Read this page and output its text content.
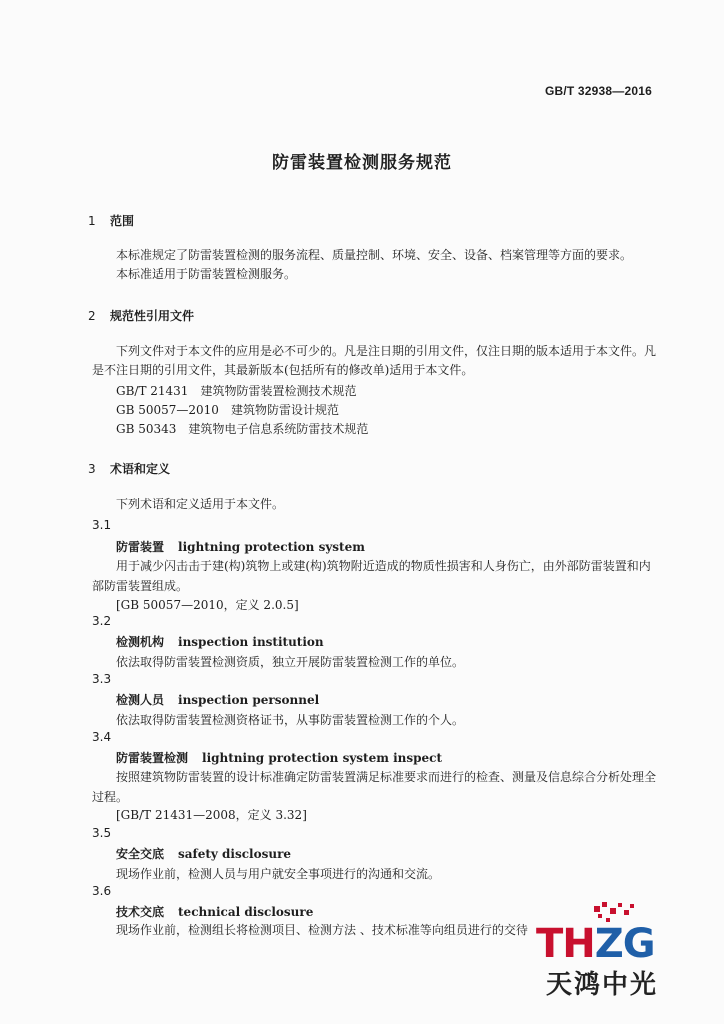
GB/T 32938—2016
防雷装置检测服务规范
1 范围
本标准规定了防雷装置检测的服务流程、质量控制、环境、安全、设备、档案管理等方面的要求。
本标准适用于防雷装置检测服务。
2 规范性引用文件
下列文件对于本文件的应用是必不可少的。凡是注日期的引用文件，仅注日期的版本适用于本文件。凡是不注日期的引用文件，其最新版本(包括所有的修改单)适用于本文件。
GB/T 21431 建筑物防雷装置检测技术规范
GB 50057—2010 建筑物防雷设计规范
GB 50343 建筑物电子信息系统防雷技术规范
3 术语和定义
下列术语和定义适用于本文件。
3.1
防雷装置 lightning protection system
用于减少闪击击于建(构)筑物上或建(构)筑物附近造成的物质性损害和人身伤亡，由外部防雷装置和内部防雷装置组成。
[GB 50057—2010，定义 2.0.5]
3.2
检测机构 inspection institution
依法取得防雷装置检测资质，独立开展防雷装置检测工作的单位。
3.3
检测人员 inspection personnel
依法取得防雷装置检测资格证书，从事防雷装置检测工作的个人。
3.4
防雷装置检测 lightning protection system inspect
按照建筑物防雷装置的设计标准确定防雷装置满足标准要求而进行的检查、测量及信息综合分析处理全过程。
[GB/T 21431—2008，定义 3.32]
3.5
安全交底 safety disclosure
现场作业前，检测人员与用户就安全事项进行的沟通和交流。
3.6
技术交底 technical disclosure
现场作业前，检测组长将检测项目、检测方法 、技术标准等向组员进行的交待 THZG
天鸿中光
